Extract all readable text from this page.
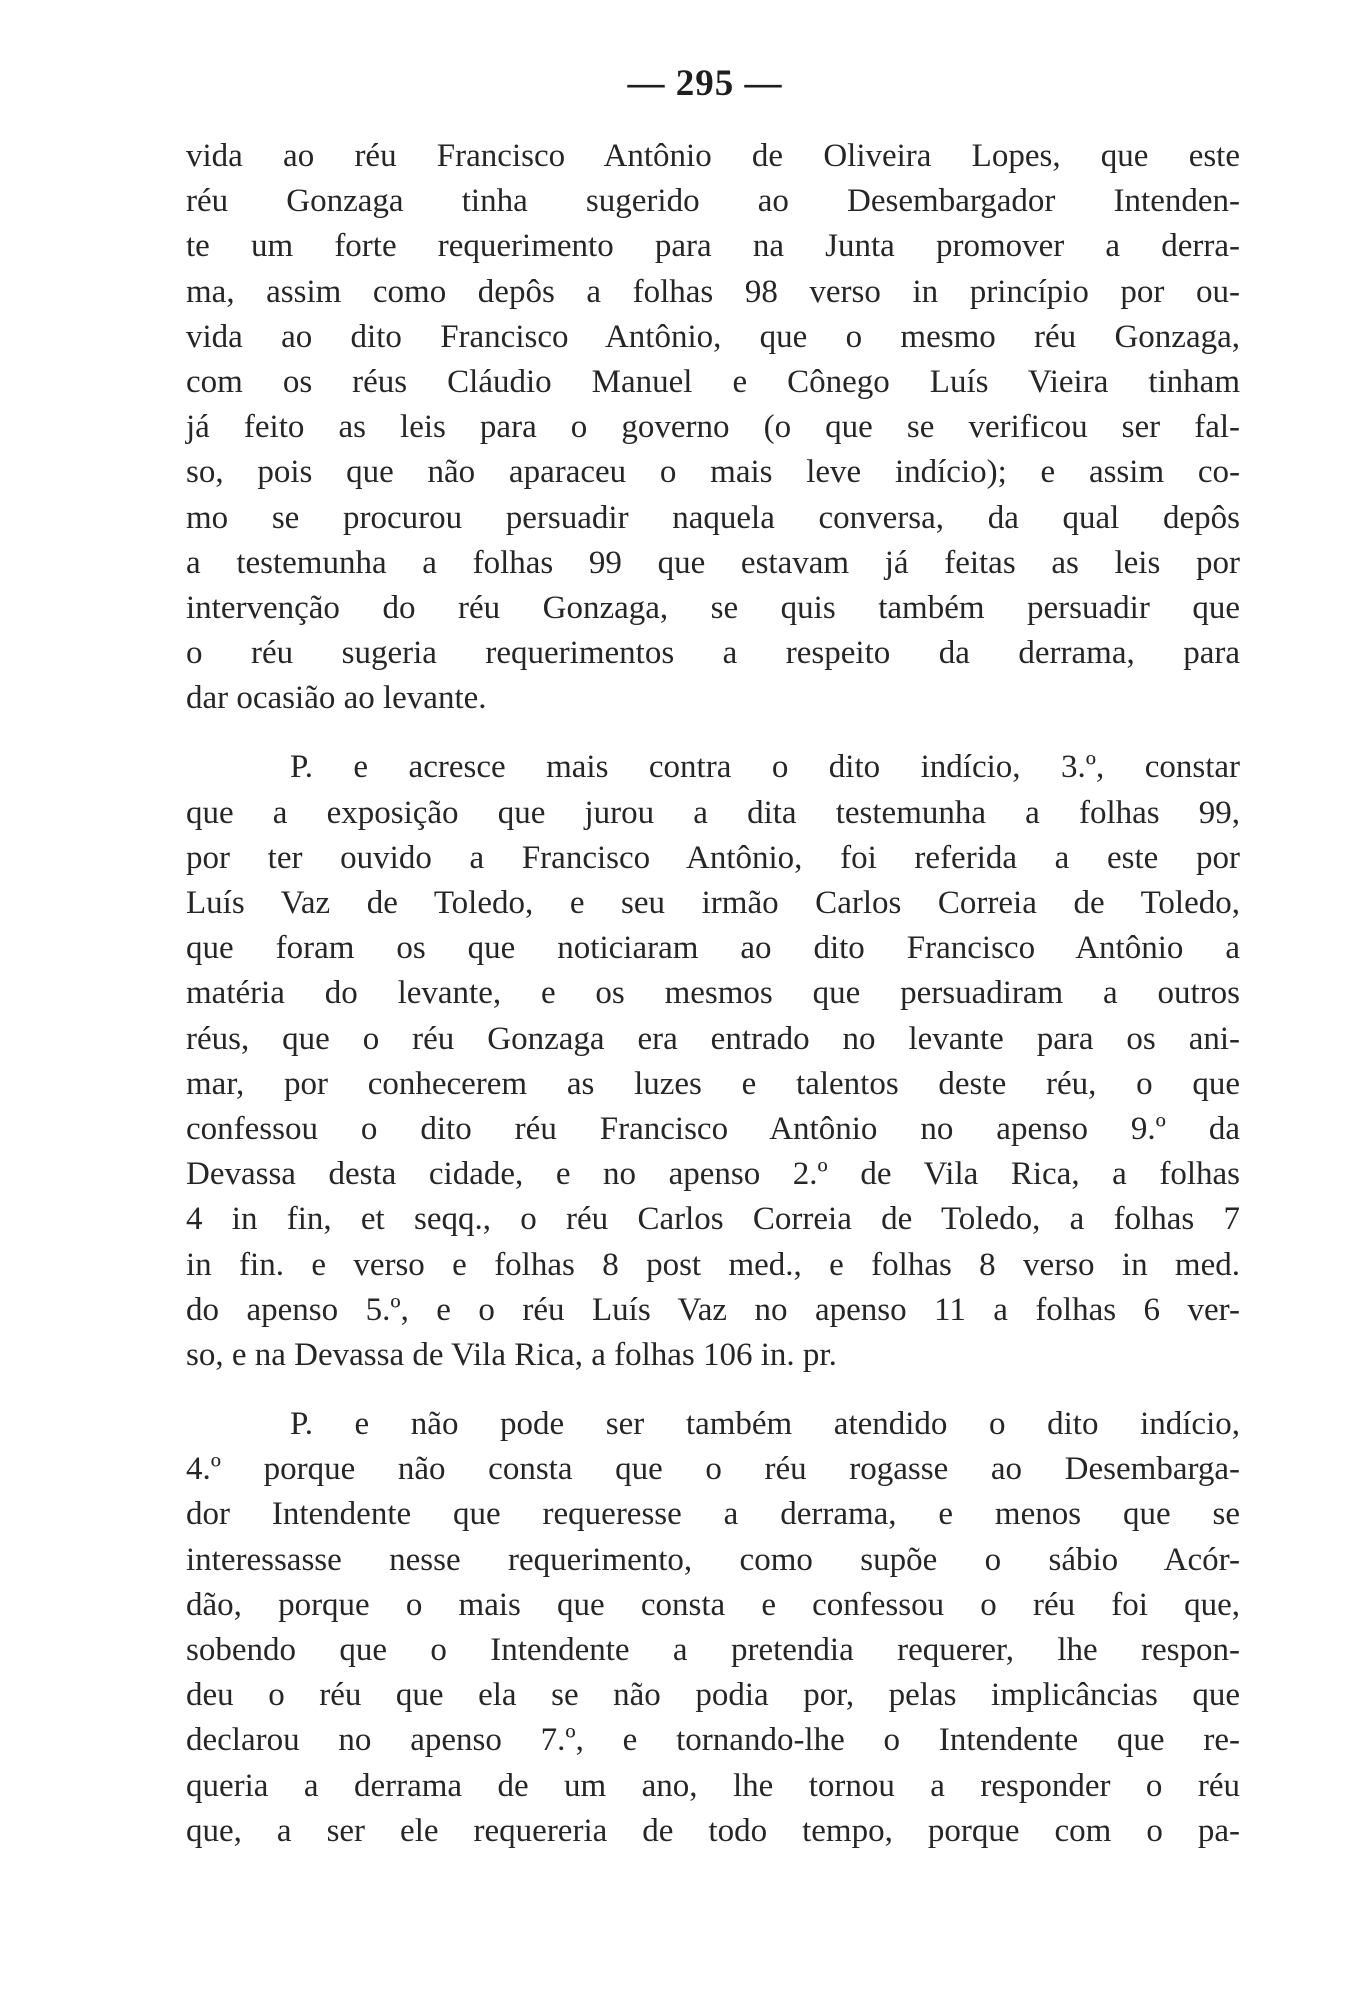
— 295 —
vida ao réu Francisco Antônio de Oliveira Lopes, que este
réu Gonzaga tinha sugerido ao Desembargador Intenden-
te um forte requerimento para na Junta promover a derra-
ma, assim como depôs a folhas 98 verso in princípio por ou-
vida ao dito Francisco Antônio, que o mesmo réu Gonzaga,
com os réus Cláudio Manuel e Cônego Luís Vieira tinham
já feito as leis para o governo (o que se verificou ser fal-
so, pois que não aparaceu o mais leve indício); e assim co-
mo se procurou persuadir naquela conversa, da qual depôs
a testemunha a folhas 99 que estavam já feitas as leis por
intervenção do réu Gonzaga, se quis também persuadir que
o réu sugeria requerimentos a respeito da derrama, para
dar ocasião ao levante.
P. e acresce mais contra o dito indício, 3.º, constar
que a exposição que jurou a dita testemunha a folhas 99,
por ter ouvido a Francisco Antônio, foi referida a este por
Luís Vaz de Toledo, e seu irmão Carlos Correia de Toledo,
que foram os que noticiaram ao dito Francisco Antônio a
matéria do levante, e os mesmos que persuadiram a outros
réus, que o réu Gonzaga era entrado no levante para os ani-
mar, por conhecerem as luzes e talentos deste réu, o que
confessou o dito réu Francisco Antônio no apenso 9.º da
Devassa desta cidade, e no apenso 2.º de Vila Rica, a folhas
4 in fin, et seqq., o réu Carlos Correia de Toledo, a folhas 7
in fin. e verso e folhas 8 post med., e folhas 8 verso in med.
do apenso 5.º, e o réu Luís Vaz no apenso 11 a folhas 6 ver-
so, e na Devassa de Vila Rica, a folhas 106 in. pr.
P. e não pode ser também atendido o dito indício,
4.º porque não consta que o réu rogasse ao Desembarga-
dor Intendente que requeresse a derrama, e menos que se
interessasse nesse requerimento, como supõe o sábio Acór-
dão, porque o mais que consta e confessou o réu foi que,
sobendo que o Intendente a pretendia requerer, lhe respon-
deu o réu que ela se não podia por, pelas implicâncias que
declarou no apenso 7.º, e tornando-lhe o Intendente que re-
queria a derrama de um ano, lhe tornou a responder o réu
que, a ser ele requereria de todo tempo, porque com o pa-
